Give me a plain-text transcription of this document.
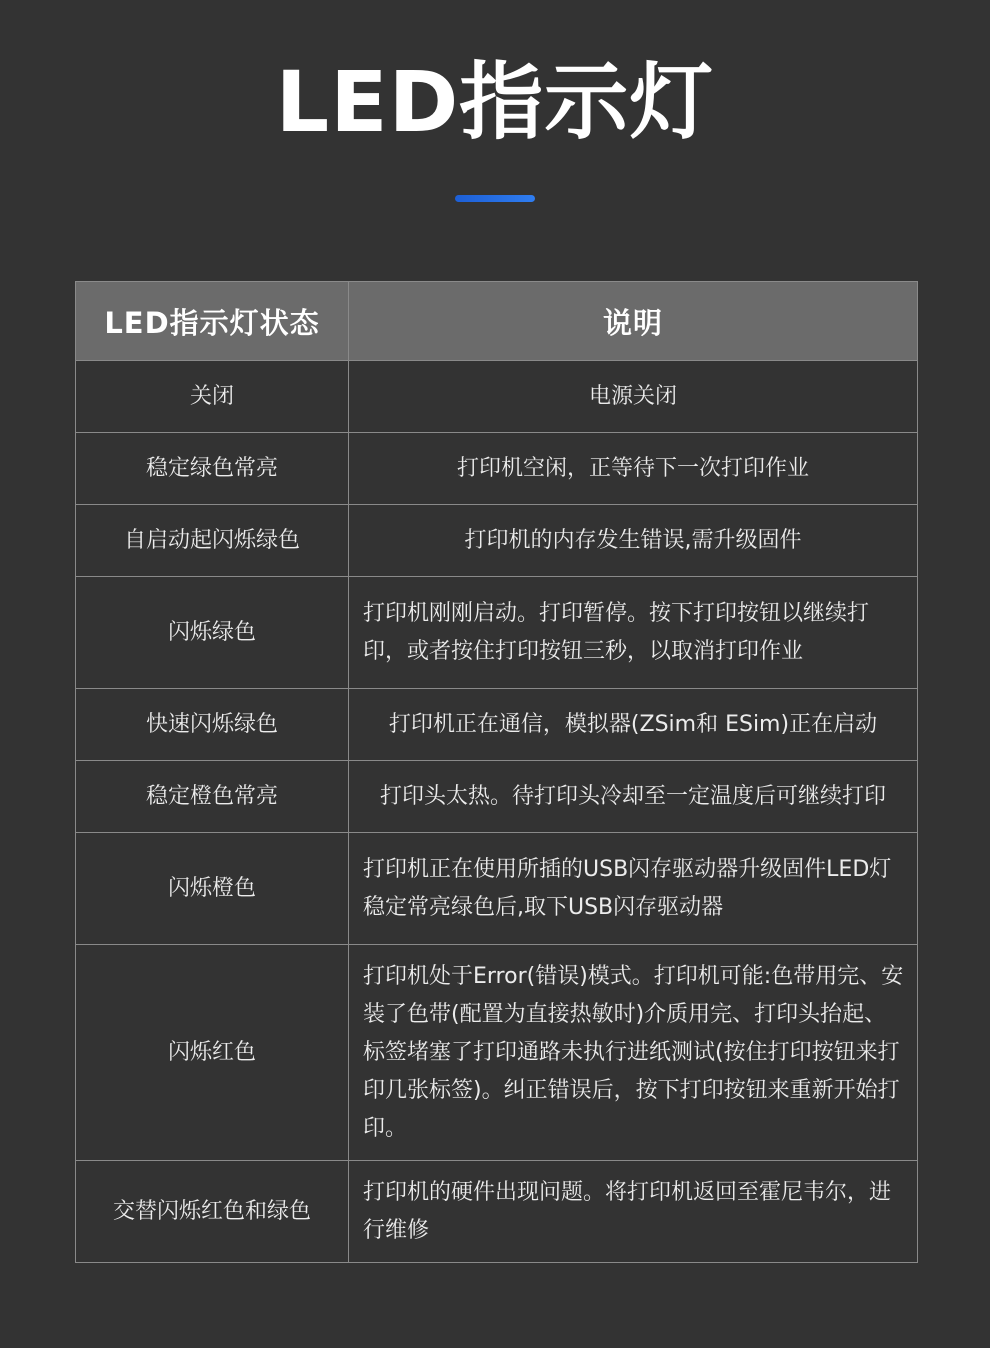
LED指示灯
LED指示灯状态	说明
关闭	电源关闭
稳定绿色常亮	打印机空闲，正等待下一次打印作业
自启动起闪烁绿色	打印机的内存发生错误,需升级固件
闪烁绿色	打印机刚刚启动。打印暂停。按下打印按钮以继续打印，或者按住打印按钮三秒，以取消打印作业
快速闪烁绿色	打印机正在通信，模拟器(ZSim和 ESim)正在启动
稳定橙色常亮	打印头太热。待打印头冷却至一定温度后可继续打印
闪烁橙色	打印机正在使用所插的USB闪存驱动器升级固件LED灯稳定常亮绿色后,取下USB闪存驱动器
闪烁红色	打印机处于Error(错误)模式。打印机可能:色带用完、安装了色带(配置为直接热敏时)介质用完、打印头抬起、标签堵塞了打印通路未执行进纸测试(按住打印按钮来打印几张标签)。纠正错误后，按下打印按钮来重新开始打印。
交替闪烁红色和绿色	打印机的硬件出现问题。将打印机返回至霍尼韦尔，进行维修
